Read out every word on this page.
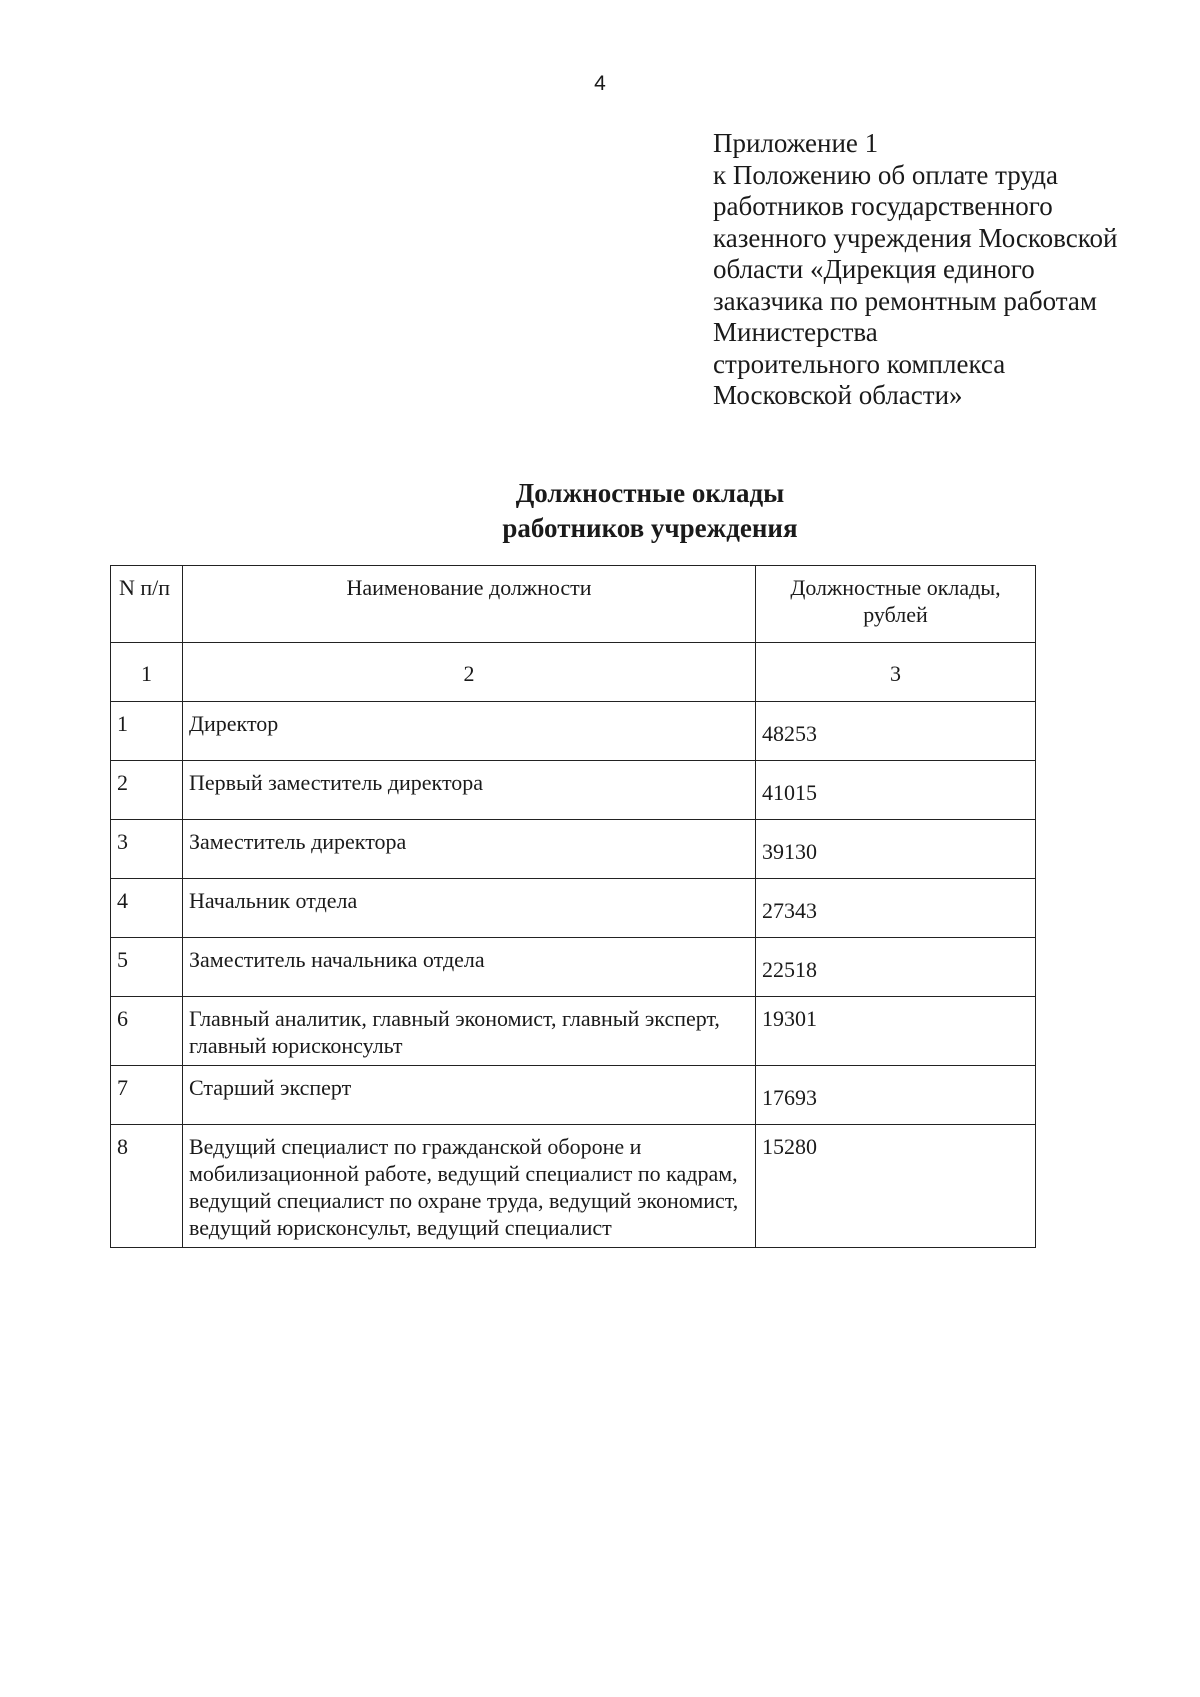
4
Приложение 1
к Положению об оплате труда
работников государственного
казенного учреждения Московской
области «Дирекция единого
заказчика по ремонтным работам
Министерства
строительного комплекса
Московской области»
Должностные оклады
работников учреждения
N п/п	Наименование должности	Должностные оклады, рублей
1	2	3
1	Директор	48253
2	Первый заместитель директора	41015
3	Заместитель директора	39130
4	Начальник отдела	27343
5	Заместитель начальника отдела	22518
6	Главный аналитик, главный экономист, главный эксперт, главный юрисконсульт	19301
7	Старший эксперт	17693
8	Ведущий специалист по гражданской обороне и мобилизационной работе, ведущий специалист по кадрам, ведущий специалист по охране труда, ведущий экономист, ведущий юрисконсульт, ведущий специалист	15280
